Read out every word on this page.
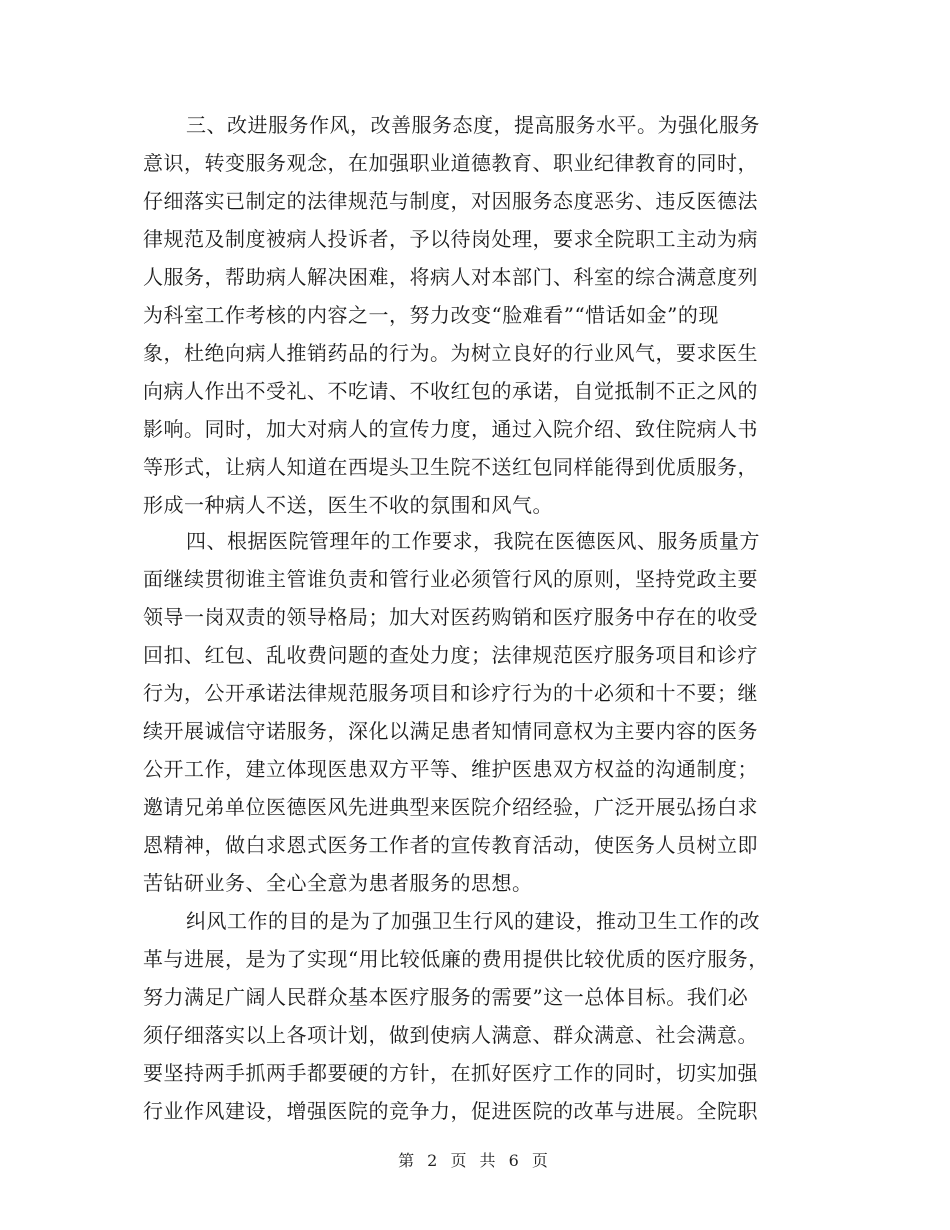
三、改进服务作风，改善服务态度，提高服务水平。为强化服务
意识，转变服务观念，在加强职业道德教育、职业纪律教育的同时，
仔细落实已制定的法律规范与制度，对因服务态度恶劣、违反医德法
律规范及制度被病人投诉者，予以待岗处理，要求全院职工主动为病
人服务，帮助病人解决困难，将病人对本部门、科室的综合满意度列
为科室工作考核的内容之一，努力改变“脸难看”“惜话如金”的现
象，杜绝向病人推销药品的行为。为树立良好的行业风气，要求医生
向病人作出不受礼、不吃请、不收红包的承诺，自觉抵制不正之风的
影响。同时，加大对病人的宣传力度，通过入院介绍、致住院病人书
等形式，让病人知道在西堤头卫生院不送红包同样能得到优质服务，
形成一种病人不送，医生不收的氛围和风气。
四、根据医院管理年的工作要求，我院在医德医风、服务质量方
面继续贯彻谁主管谁负责和管行业必须管行风的原则，坚持党政主要
领导一岗双责的领导格局；加大对医药购销和医疗服务中存在的收受
回扣、红包、乱收费问题的查处力度；法律规范医疗服务项目和诊疗
行为，公开承诺法律规范服务项目和诊疗行为的十必须和十不要；继
续开展诚信守诺服务，深化以满足患者知情同意权为主要内容的医务
公开工作，建立体现医患双方平等、维护医患双方权益的沟通制度；
邀请兄弟单位医德医风先进典型来医院介绍经验，广泛开展弘扬白求
恩精神，做白求恩式医务工作者的宣传教育活动，使医务人员树立即
苦钻研业务、全心全意为患者服务的思想。
纠风工作的目的是为了加强卫生行风的建设，推动卫生工作的改
革与进展，是为了实现“用比较低廉的费用提供比较优质的医疗服务，
努力满足广阔人民群众基本医疗服务的需要”这一总体目标。我们必
须仔细落实以上各项计划，做到使病人满意、群众满意、社会满意。
要坚持两手抓两手都要硬的方针，在抓好医疗工作的同时，切实加强
行业作风建设，增强医院的竞争力，促进医院的改革与进展。全院职
第 2 页 共 6 页
